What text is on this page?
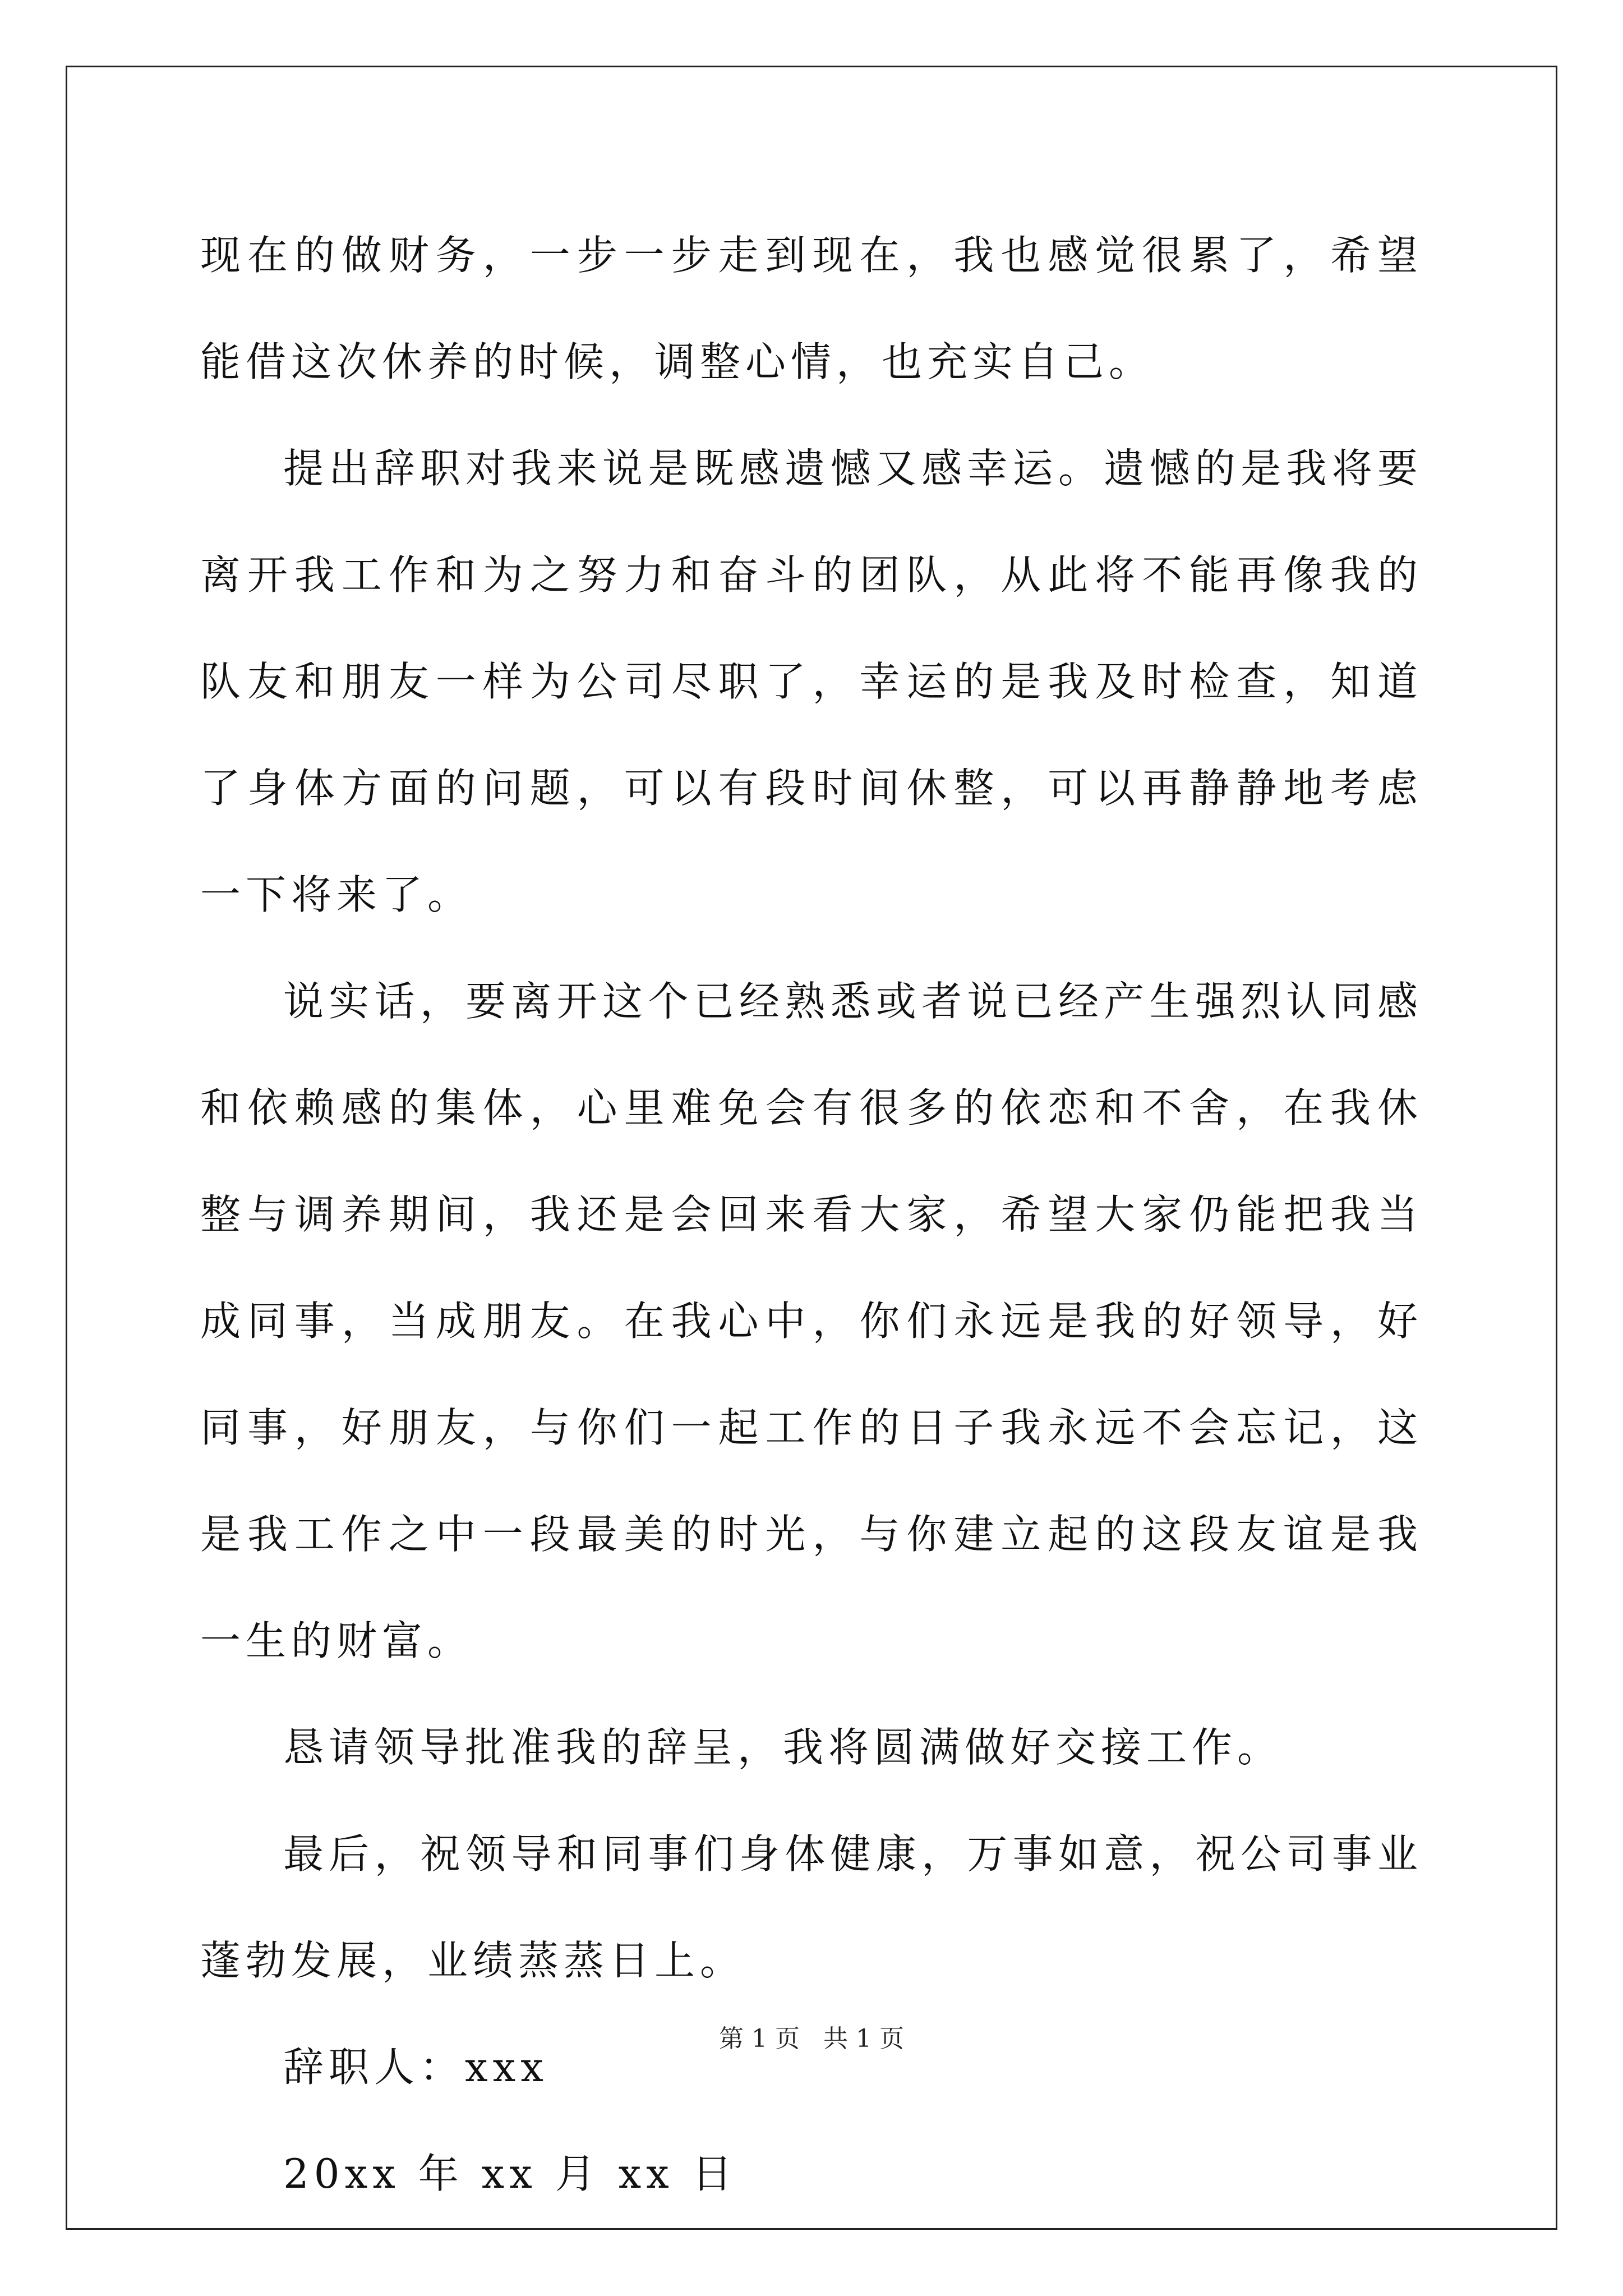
现在的做财务，一步一步走到现在，我也感觉很累了，希望能借这次休养的时候，调整心情，也充实自己。

提出辞职对我来说是既感遗憾又感幸运。遗憾的是我将要离开我工作和为之努力和奋斗的团队，从此将不能再像我的队友和朋友一样为公司尽职了，幸运的是我及时检查，知道了身体方面的问题，可以有段时间休整，可以再静静地考虑一下将来了。

说实话，要离开这个已经熟悉或者说已经产生强烈认同感和依赖感的集体，心里难免会有很多的依恋和不舍，在我休整与调养期间，我还是会回来看大家，希望大家仍能把我当成同事，当成朋友。在我心中，你们永远是我的好领导，好同事，好朋友，与你们一起工作的日子我永远不会忘记，这是我工作之中一段最美的时光，与你建立起的这段友谊是我一生的财富。

恳请领导批准我的辞呈，我将圆满做好交接工作。

最后，祝领导和同事们身体健康，万事如意，祝公司事业蓬勃发展，业绩蒸蒸日上。

辞职人：xxx

20xx 年 xx 月 xx 日

第 1 页   共 1 页
